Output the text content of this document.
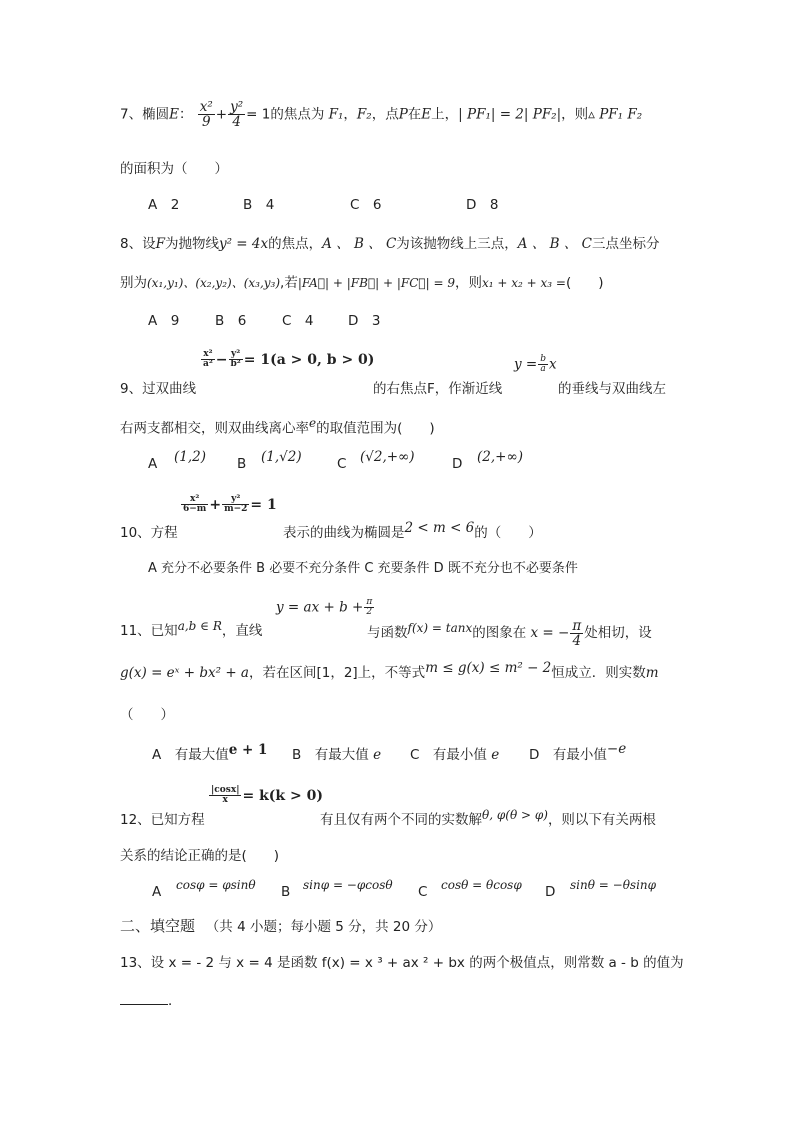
7、椭圆E： $\frac{\text{x²}}{9} + \frac{\text{y²}}{4} = 1$的焦点为 F₁，F₂，点P在E上，| PF₁| = 2| PF₂|，则▵ PF₁ F₂
的面积为（　　）
A　2	B　4	C　6	D　8
8、设F为抛物线y² = 4x的焦点，A 、 B 、 C为该抛物线上三点，A 、 B 、 C三点坐标分
别为(x₁,y₁)、(x₂,y₂)、(x₃,y₃),若|FA⃗| + |FB⃗| + |FC⃗| = 9，则x₁ + x₂ + x₃ =(　　)
A　9	B　6	C　4	D　3
$\frac{\text{x²}}{\text{a²}} - \frac{\text{y²}}{\text{b²}} = 1(a > 0$, b > 0)	$y = \frac{b}{a}$ x
9、过双曲线	的右焦点F，作渐近线	的垂线与双曲线左
右两支都相交，则双曲线离心率$^e$的取值范围为(　　)
A (1,2) B (1,√2)	C (√2,+∞)	D (2,+∞)
$\frac{\text{x²}}{6-m} + \frac{\text{y²}}{m-2} = 1$
10、方程	表示的曲线为椭圆是2 < m < 6的（　　）
A 充分不必要条件 B 必要不充分条件 C 充要条件 D 既不充分也不必要条件
y = ax + $b + \frac{\pi}{2}$
11、已知a,b ∈ R，直线	与函数f(x) = tanx的图象在 x = − $\frac{\pi}{4}$ 处相切，设
g(x) = eˣ + bx² + a，若在区间[1，2]上，不等式m ≤ g(x) ≤ m² − 2恒成立．则实数m
（　　）
A　有最大值e + 1 B　有最大值 e C　有最小值 e D　有最小值−e
$\frac{|\cos x|}{x} = k(k > 0)$
12、已知方程	有且仅有两个不同的实数解θ, φ(θ > φ)，则以下有关两根
关系的结论正确的是(　　)
A cosφ = φsinθ B sinφ = −φcosθ C cosθ = θcosφ D sinθ = −θsinφ
二、填空题 （共 4 小题；每小题 5 分，共 20 分）
13、设 x = - 2 与 x = 4 是函数 f(x) = x ³ + ax ² + bx 的两个极值点，则常数 a - b 的值为
．
